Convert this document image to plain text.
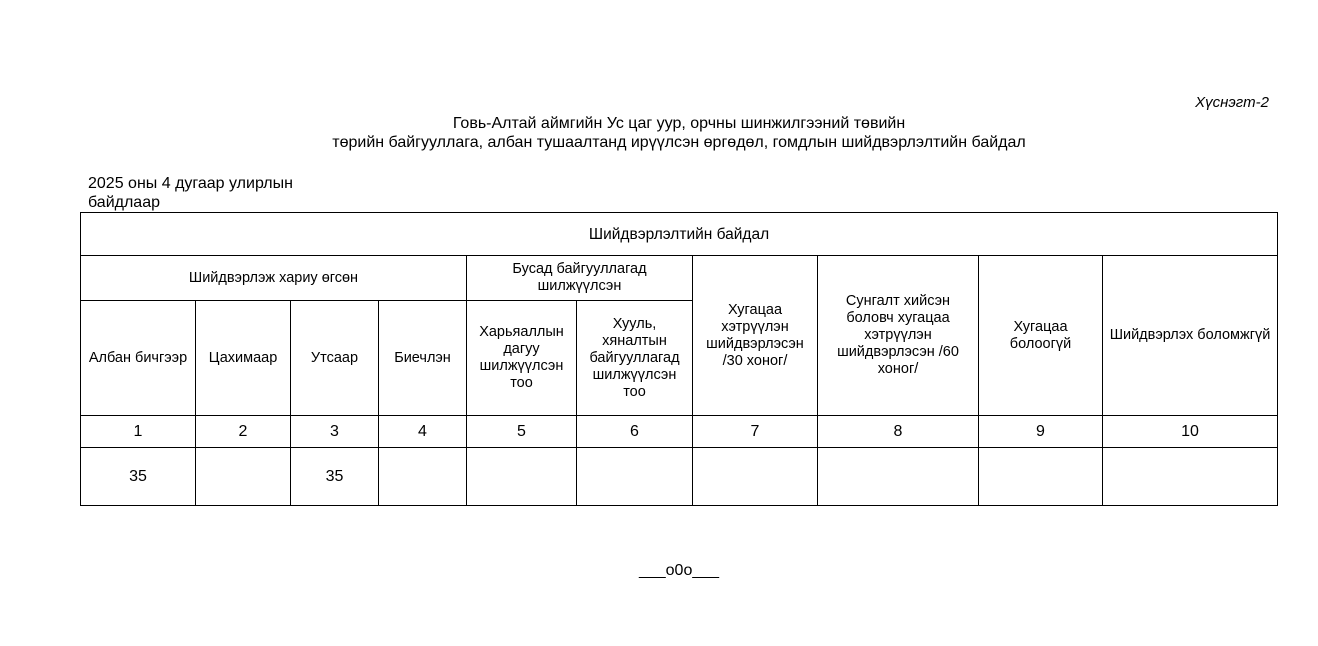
Хүснэгт-2
Говь-Алтай аймгийн Ус цаг уур, орчны шинжилгээний төвийн
төрийн байгууллага, албан тушаалтанд ирүүлсэн өргөдөл, гомдлын шийдвэрлэлтийн байдал
2025 оны 4 дугаар улирлын
байдлаар
Шийдвэрлэлтийн байдал									
Шийдвэрлэж хариу өгсөн				Бусад байгууллагад шилжүүлсэн		Хугацаа хэтрүүлэн шийдвэрлэсэн /30 хоног/	Сунгалт хийсэн боловч хугацаа хэтрүүлэн шийдвэрлэсэн /60 хоног/	Хугацаа болоогүй	Шийдвэрлэх боломжгүй
Албан бичгээр	Цахимаар	Утсаар	Биечлэн	Харьяаллын дагуу шилжүүлсэн тоо	Хууль, хяналтын байгууллагад шилжүүлсэн тоо				
1	2	3	4	5	6	7	8	9	10
35		35							
___o0o___
